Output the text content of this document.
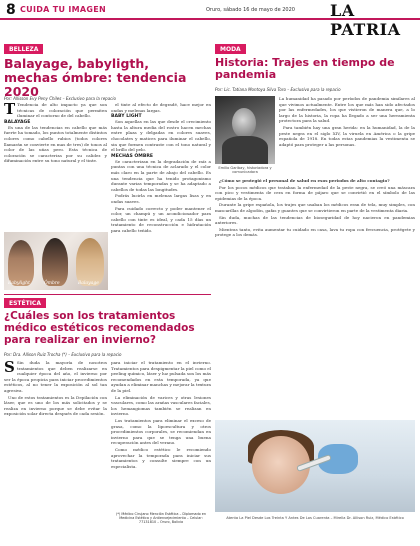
8 CUIDA TU IMAGEN	Oruro, sábado 16 de mayo de 2020 LA PATRIA
BELLEZA
Balayage, babyligth, mechas ómbre: tendencia 2020
Por: Allisson Evy Peny Chiles – Exclusivo para la repacio

T Tendencia de alto impacto ya que son técnicas de coloración que permiten iluminar el contorno de del cabello.

BALAYAGE

Es una de las tendencias en cabello que más fuerte ha tomado, los puntos totalmente distintos colores como cabello rubios (todos colores llamarán se convierte en mas de tres) de tonos al color de las uñas pero. Esta técnica de coloración se caracteriza por su calidez y difuminación entre su tono natural y el tinte.

el tinte al efecto de degradé, hace mejor en ondas y melenas largas.

BABY LIGHT

Son aquellas en las que desde el crecimiento hasta la altura media del rostro hacen mechas entre plaza y delgadas en colores suaves, chocolates y matices para iluminar el cabello, sin que formen contraste con el tono natural y el brillo del pelo.

MECHAS ÓMBRE

Se caracterizan en la degradación de raíz a puntas con una técnica de aclarado y el color más claro en la parte de abajo del cabello. Es una tendencia que ha tenido protagonismo durante varias temporadas y se ha adaptado a cabellos de todas las longitudes.

Podrás lucirla en melenas largas lisas y en ondas suaves.

Para cuidado correcto y poder mantener el color, un champú y un acondicionador para cabello con tinte es ideal, y cada 15 días un tratamiento de reconstrucción e hidratación para cabello teñido.

Babylight	Ómbre	Balayage
MODA
Historia: Trajes en tiempo de pandemia
Por: Lic. Tatiana Montoya Silva Toro – Exclusivo para la repacio
Emilio Garibay, historiadora y comunicadora

La humanidad ha pasado por períodos de pandemia similares al que vivimos actualmente. Entre los que más han sido afectados por las enfermedades, los que vistieron de manera que, a lo largo de la historia, la ropa ha llegado a ser una herramienta protectora para la salud.

Para también hay una gran herida: en la humanidad, la de la peste negra en el siglo XIV, la viruela en América o la gripe española de 1918. En todas estas pandemias la vestimenta se adaptó para proteger a las personas.

¿Cómo se protegió el personal de salud en esos periodos de alto contagio?

Por los pocos médicos que trataban la enfermedad de la peste negra, se creó una máscara con pico y vestimenta de cera en forma de pájaro que se convirtió en el símbolo de las epidemias de la época.

Durante la gripe española, los trajes que usaban los médicos eran de tela, muy simples, con mascarillas de algodón, gafas y guantes que se convirtieron en parte de la vestimenta diaria.

Sin duda, muchas de las tendencias de bioseguridad de hoy nacieron en pandemias anteriores.

Mientras tanto, evita aumentar tu cuidado en casa, lava tu ropa con frecuencia, protégete y protege a los demás.

ESTÉTICA
¿Cuáles son los tratamientos médico estéticos recomendados para realizar en invierno?
Por: Dra. Allison Ruiz Trocha (*) – Exclusivo para la repacio

S Sin duda la mayoría de nosotros tratamientos que deben realizarse en cualquier época del año, el invierno por ser la época propicia para iniciar procedimientos estéticos, al no tener la exposición al sol tan agresiva.

Uno de estos tratamientos es la Depilación con láser, que es uno de los más solicitados y se realiza en invierno porque se debe evitar la exposición solar directa después de cada sesión.

para iniciar el tratamiento en el invierno. Tratamientos para despigmentar la piel como el peeling químico, láser y luz pulsada son los más recomendados en esta temporada, ya que ayudan a eliminar manchas y mejorar la textura de la piel.

La eliminación de varices y otras lesiones vasculares, como las arañas vasculares faciales, los hemangiomas también se realizan en invierno.

Los tratamientos para eliminar el exceso de grasa, como la lipoescultura y otros procedimientos corporales, se recomiendan en invierno para que se tenga una buena recuperación antes del verano.

Como médico estético le recomiendo aprovechar la temporada para iniciar sus tratamientos y consulte siempre con un especialista.

(*) Médico Cirujano Mención Estética – Diplomado en Medicina Estética y Antienvejecimiento – Celular: 77131810 – Oruro, Bolivia
Atenta La Piel Desde Los Treinta Y Antes De Los Cuarenta – Mirella Dr. Allison Ruiz, Médico Estético
